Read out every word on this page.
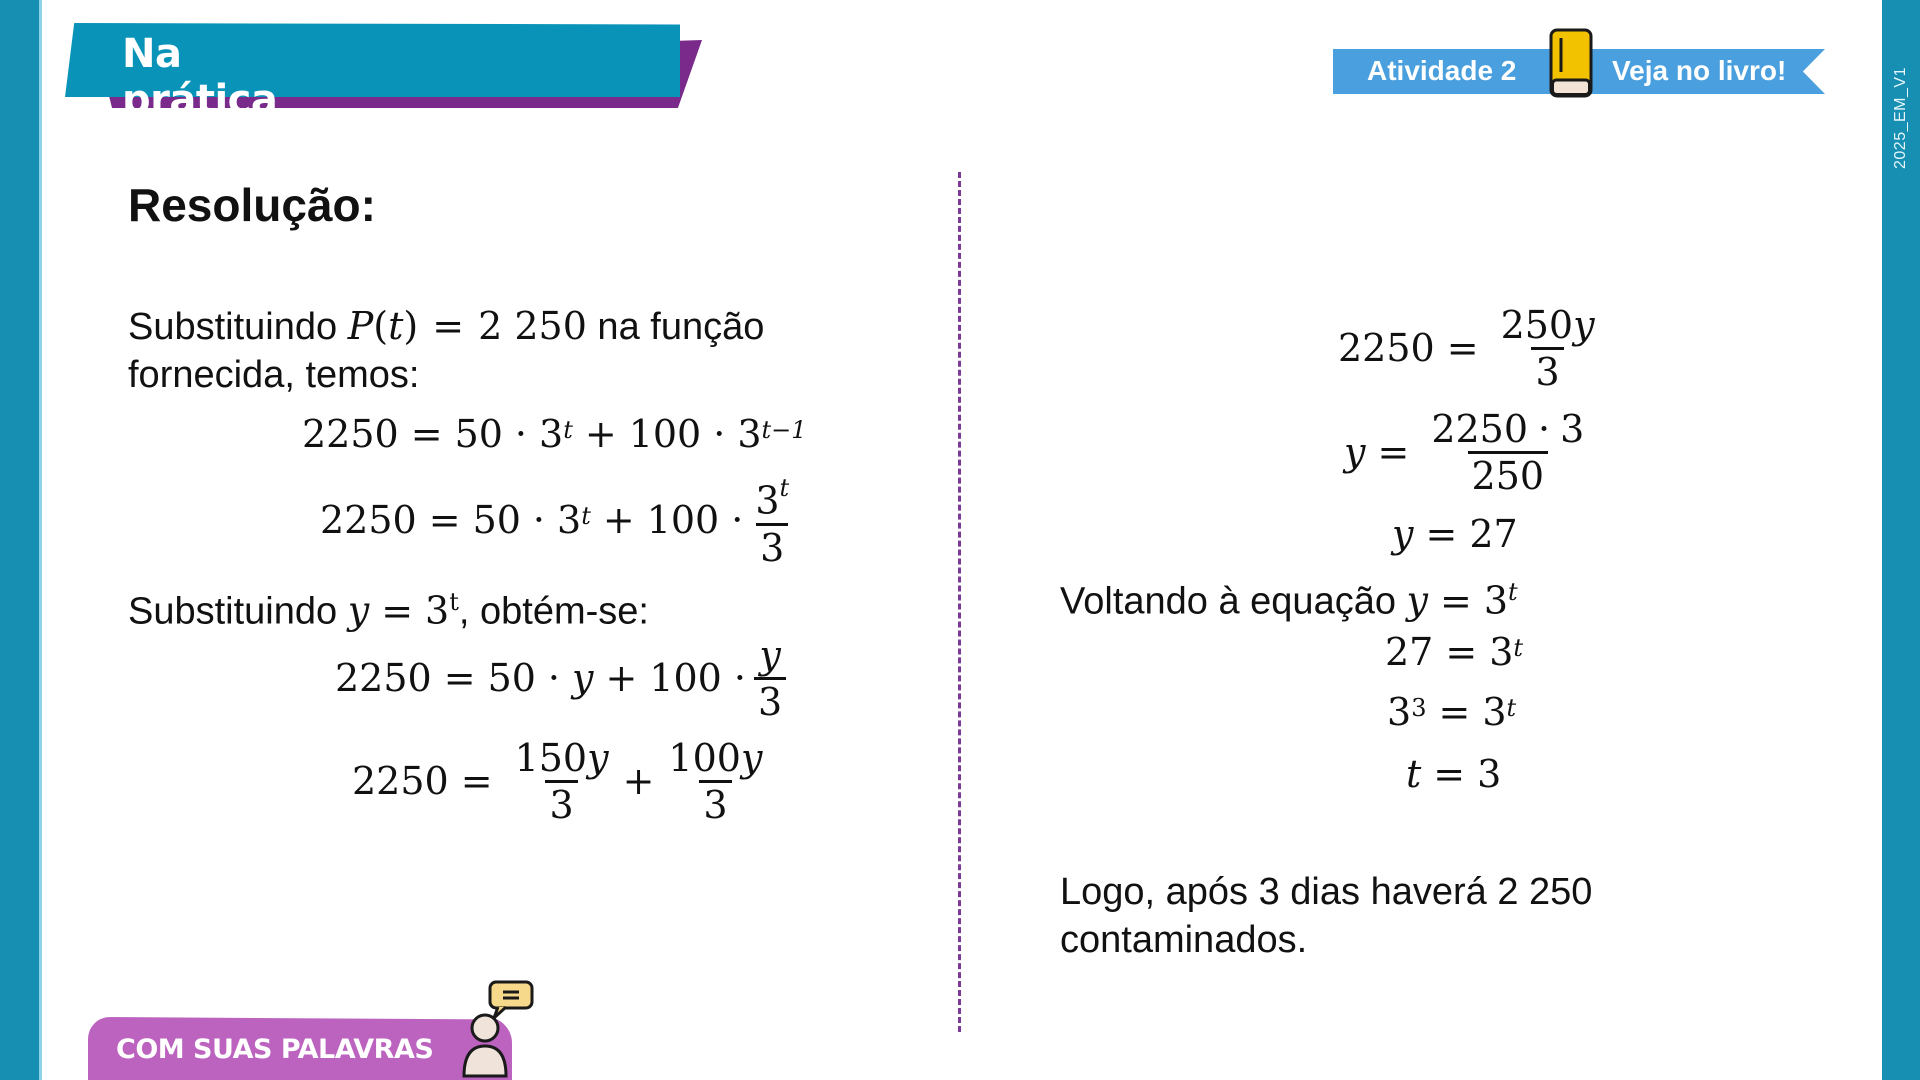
2025_EM_V1
Na prática
Atividade 2	Veja no livro!
Resolução:
Substituindo P(t) = 2 250 na função
fornecida, temos:
$2250 = 50 \cdot 3^t + 100 \cdot 3^{t-1}$
$2250 = 50 \cdot 3^t + 100 \cdot \frac{3^t}{3}$
Substituindo $y = 3^t$, obtém-se:
$2250 = 50 \cdot y + 100 \cdot \frac{y}{3}$
$2250 = \frac{150y}{3} + \frac{100y}{3}$
$2250 = \frac{250y}{3}$
$y = \frac{2250 \cdot 3}{250}$
y = 27
Voltando à equação $y = 3^t$
$27 = 3^t$
$3^3 = 3^t$
t = 3
Logo, após 3 dias haverá 2 250
contaminados.
COM SUAS PALAVRAS
